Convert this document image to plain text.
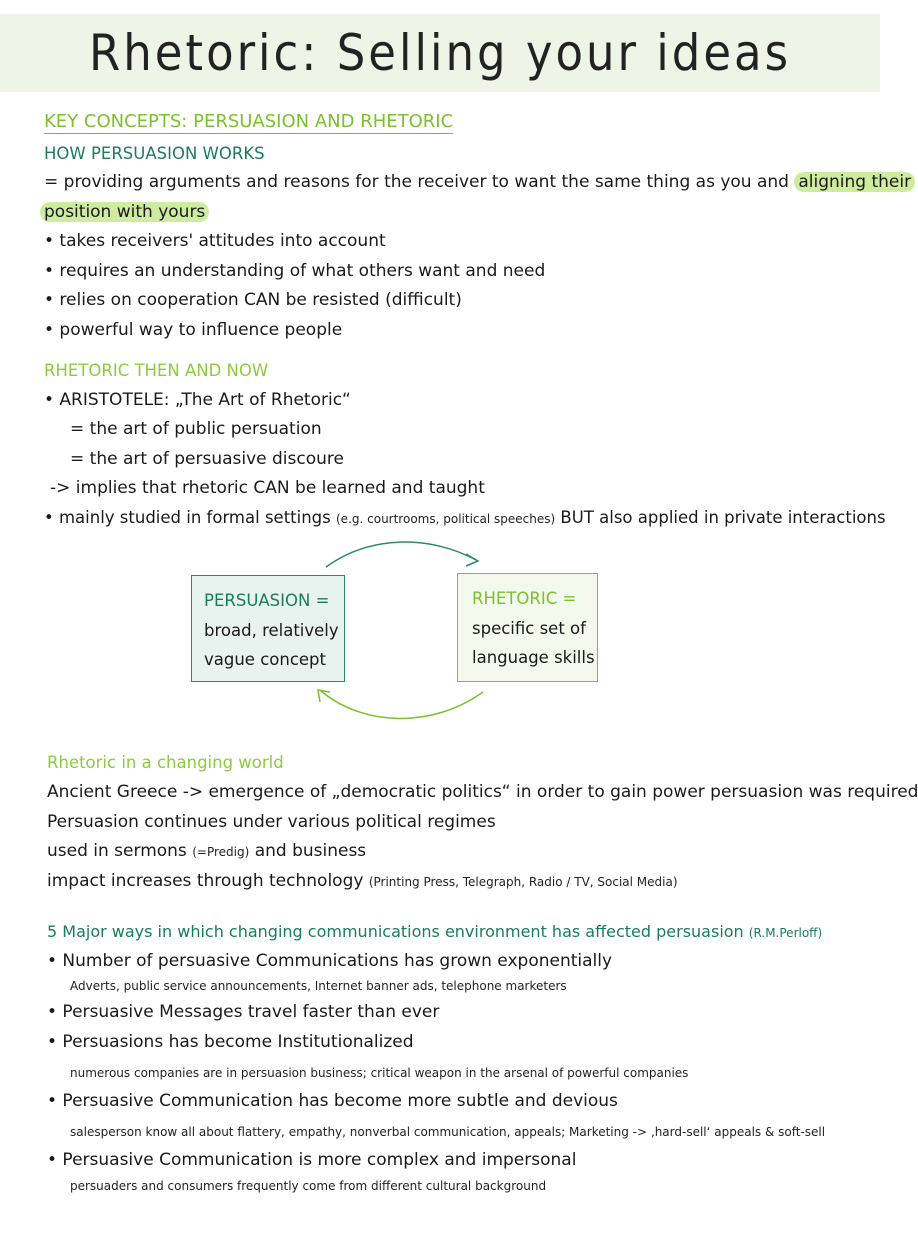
Rhetoric: Selling your ideas
KEY CONCEPTS: PERSUASION AND RHETORIC
HOW PERSUASION WORKS
= providing arguments and reasons for the receiver to want the same thing as you and aligning their
position with yours
• takes receivers' attitudes into account
• requires an understanding of what others want and need
• relies on cooperation CAN be resisted (difficult)
• powerful way to influence people
RHETORIC THEN AND NOW
• ARISTOTELE: „The Art of Rhetoric“
= the art of public persuation
= the art of persuasive discoure
-> implies that rhetoric CAN be learned and taught
• mainly studied in formal settings (e.g. courtrooms, political speeches) BUT also applied in private interactions
PERSUASION =
broad, relatively
vague concept
RHETORIC =
specific set of
language skills
Rhetoric in a changing world
Ancient Greece -> emergence of „democratic politics“ in order to gain power persuasion was required
Persuasion continues under various political regimes
used in sermons (=Predig) and business
impact increases through technology (Printing Press, Telegraph, Radio / TV, Social Media)
5 Major ways in which changing communications environment has affected persuasion (R.M.Perloff)
• Number of persuasive Communications has grown exponentially
Adverts, public service announcements, Internet banner ads, telephone marketers
• Persuasive Messages travel faster than ever
• Persuasions has become Institutionalized
numerous companies are in persuasion business; critical weapon in the arsenal of powerful companies
• Persuasive Communication has become more subtle and devious
salesperson know all about flattery, empathy, nonverbal communication, appeals; Marketing -> ‚hard-sell‘ appeals & soft-sell
• Persuasive Communication is more complex and impersonal
persuaders and consumers frequently come from different cultural background
